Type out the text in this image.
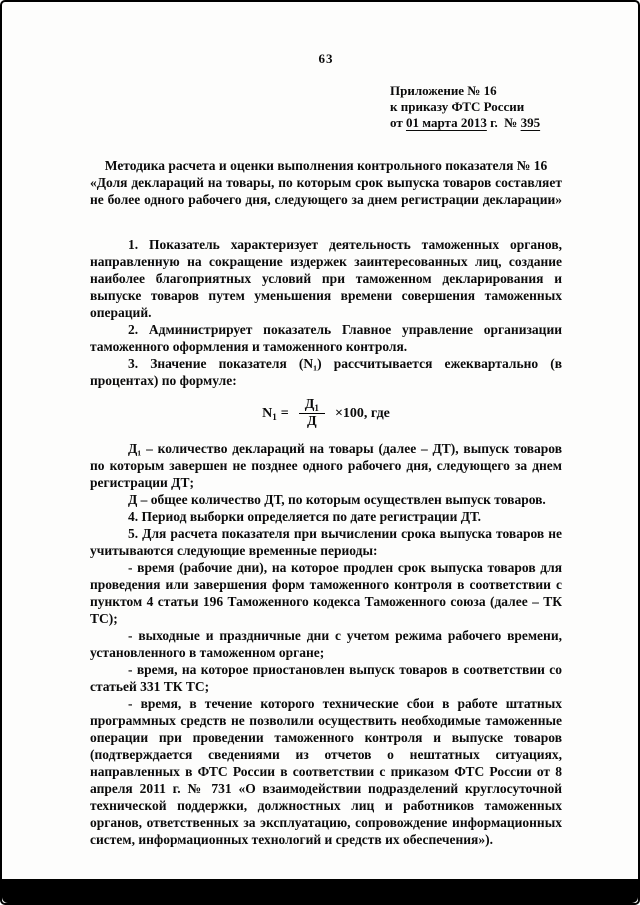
63
Приложение № 16
к приказу ФТС России
от 01 марта 2013 г. № 395
Методика расчета и оценки выполнения контрольного показателя № 16
«Доля деклараций на товары, по которым срок выпуска товаров составляет не более одного рабочего дня, следующего за днем регистрации декларации»

1. Показатель характеризует деятельность таможенных органов, направленную на сокращение издержек заинтересованных лиц, создание наиболее благоприятных условий при таможенном декларирования и выпуске товаров путем уменьшения времени совершения таможенных операций.

2. Администрирует показатель Главное управление организации таможенного оформления и таможенного контроля.

3. Значение показателя (N₁) рассчитывается ежеквартально (в процентах) по формуле:

$N_1 = \frac{Д_1}{Д} \times 100$, где

Д₁ – количество деклараций на товары (далее – ДТ), выпуск товаров по которым завершен не позднее одного рабочего дня, следующего за днем регистрации ДТ;

Д – общее количество ДТ, по которым осуществлен выпуск товаров.

4. Период выборки определяется по дате регистрации ДТ.

5. Для расчета показателя при вычислении срока выпуска товаров не учитываются следующие временные периоды:

- время (рабочие дни), на которое продлен срок выпуска товаров для проведения или завершения форм таможенного контроля в соответствии с пунктом 4 статьи 196 Таможенного кодекса Таможенного союза (далее – ТК ТС);

- выходные и праздничные дни с учетом режима рабочего времени, установленного в таможенном органе;

- время, на которое приостановлен выпуск товаров в соответствии со статьей 331 ТК ТС;

- время, в течение которого технические сбои в работе штатных программных средств не позволили осуществить необходимые таможенные операции при проведении таможенного контроля и выпуске товаров (подтверждается сведениями из отчетов о нештатных ситуациях, направленных в ФТС России в соответствии с приказом ФТС России от 8 апреля 2011 г. № 731 «О взаимодействии подразделений круглосуточной технической поддержки, должностных лиц и работников таможенных органов, ответственных за эксплуатацию, сопровождение информационных систем, информационных технологий и средств их обеспечения»).
